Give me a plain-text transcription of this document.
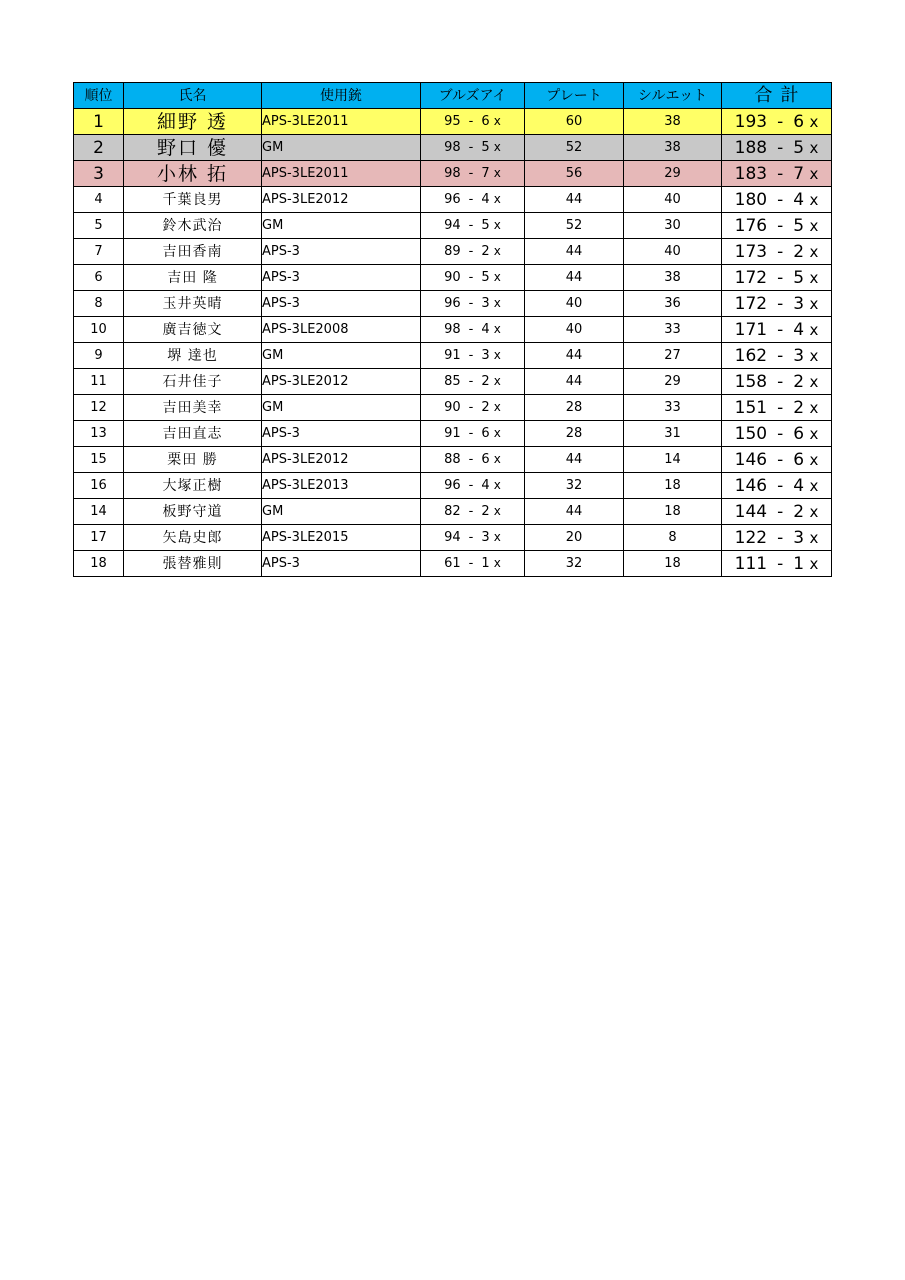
順位	氏名	使用銃	ブルズアイ	プレート	シルエット	合計
1	細野 透	APS-3LE2011	95 - 6 x	60	38	193 - 6 x
2	野口 優	GM	98 - 5 x	52	38	188 - 5 x
3	小林 拓	APS-3LE2011	98 - 7 x	56	29	183 - 7 x
4	千葉良男	APS-3LE2012	96 - 4 x	44	40	180 - 4 x
5	鈴木武治	GM	94 - 5 x	52	30	176 - 5 x
7	吉田香南	APS-3	89 - 2 x	44	40	173 - 2 x
6	吉田 隆	APS-3	90 - 5 x	44	38	172 - 5 x
8	玉井英晴	APS-3	96 - 3 x	40	36	172 - 3 x
10	廣吉徳文	APS-3LE2008	98 - 4 x	40	33	171 - 4 x
9	堺 達也	GM	91 - 3 x	44	27	162 - 3 x
11	石井佳子	APS-3LE2012	85 - 2 x	44	29	158 - 2 x
12	吉田美幸	GM	90 - 2 x	28	33	151 - 2 x
13	吉田直志	APS-3	91 - 6 x	28	31	150 - 6 x
15	栗田 勝	APS-3LE2012	88 - 6 x	44	14	146 - 6 x
16	大塚正樹	APS-3LE2013	96 - 4 x	32	18	146 - 4 x
14	板野守道	GM	82 - 2 x	44	18	144 - 2 x
17	矢島史郎	APS-3LE2015	94 - 3 x	20	8	122 - 3 x
18	張替雅則	APS-3	61 - 1 x	32	18	111 - 1 x
